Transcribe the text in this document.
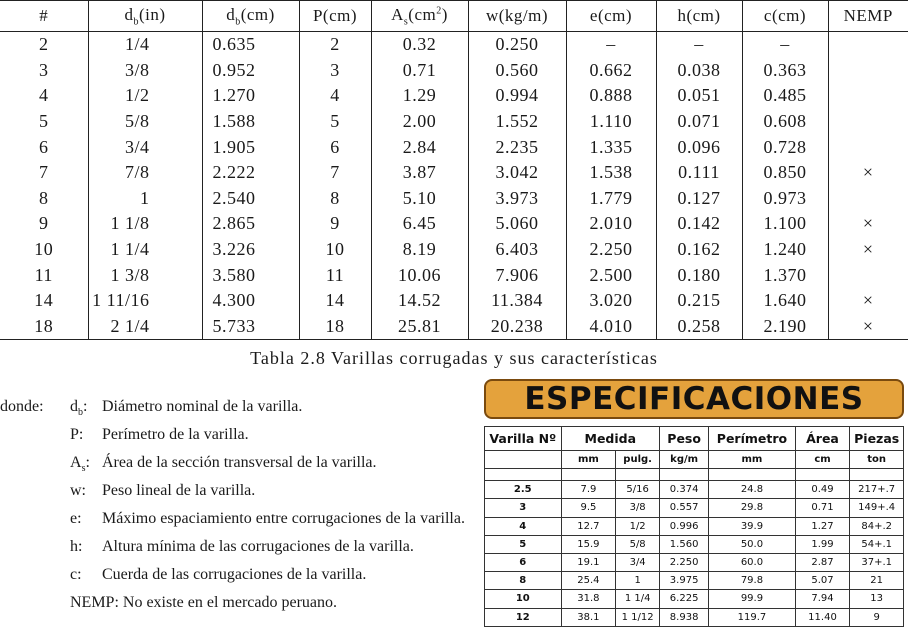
#	$d_b(in)$	$d_b(cm)$	P(cm)	$A_s(cm^2)$	w(kg/m)	e(cm)	h(cm)	c(cm)	NEMP
2	1/4	0.635	2	0.32	0.250	–	–	–	
3	3/8	0.952	3	0.71	0.560	0.662	0.038	0.363	
4	1/2	1.270	4	1.29	0.994	0.888	0.051	0.485	
5	5/8	1.588	5	2.00	1.552	1.110	0.071	0.608	
6	3/4	1.905	6	2.84	2.235	1.335	0.096	0.728	
7	7/8	2.222	7	3.87	3.042	1.538	0.111	0.850	×
8	1	2.540	8	5.10	3.973	1.779	0.127	0.973	
9	1 1/8	2.865	9	6.45	5.060	2.010	0.142	1.100	×
10	1 1/4	3.226	10	8.19	6.403	2.250	0.162	1.240	×
11	1 3/8	3.580	11	10.06	7.906	2.500	0.180	1.370	
14	1 11/16	4.300	14	14.52	11.384	3.020	0.215	1.640	×
18	2 1/4	5.733	18	25.81	20.238	4.010	0.258	2.190	×
Tabla 2.8 Varillas corrugadas y sus características
donde: $d_b$: Diámetro nominal de la varilla.
P: Perímetro de la varilla.
$A_s$: Área de la sección transversal de la varilla.
w: Peso lineal de la varilla.
e: Máximo espaciamiento entre corrugaciones de la varilla.
h: Altura mínima de las corrugaciones de la varilla.
c: Cuerda de las corrugaciones de la varilla.
NEMP: No existe en el mercado peruano.
ESPECIFICACIONES
Varilla Nº	Medida		Peso	Perímetro	Área	Piezas
	mm	pulg.	kg/m	mm	cm	ton

2.5	7.9	5/16	0.374	24.8	0.49	217+.7
3	9.5	3/8	0.557	29.8	0.71	149+.4
4	12.7	1/2	0.996	39.9	1.27	84+.2
5	15.9	5/8	1.560	50.0	1.99	54+.1
6	19.1	3/4	2.250	60.0	2.87	37+.1
8	25.4	1	3.975	79.8	5.07	21
10	31.8	1 1/4	6.225	99.9	7.94	13
12	38.1	1 1/12	8.938	119.7	11.40	9
